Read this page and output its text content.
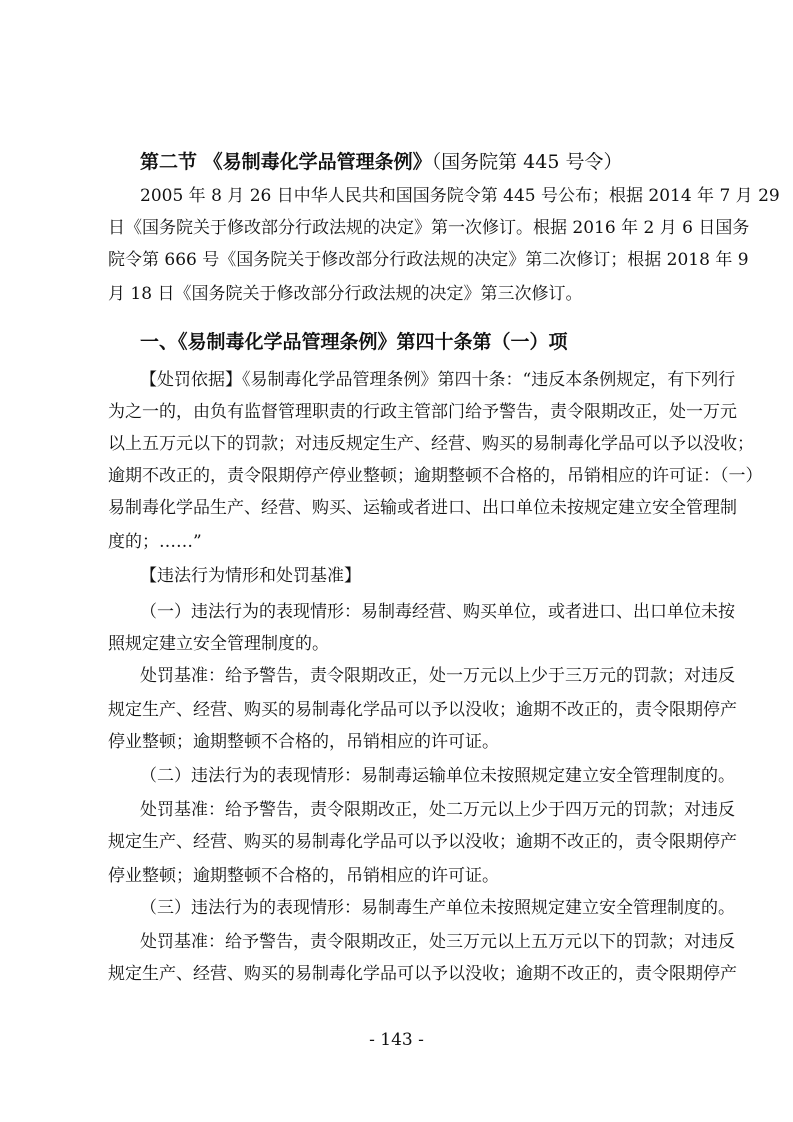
第二节 《易制毒化学品管理条例》（国务院第 445 号令）
2005 年 8 月 26 日中华人民共和国国务院令第 445 号公布；根据 2014 年 7 月 29
日《国务院关于修改部分行政法规的决定》第一次修订。根据 2016 年 2 月 6 日国务
院令第 666 号《国务院关于修改部分行政法规的决定》第二次修订；根据 2018 年 9
月 18 日《国务院关于修改部分行政法规的决定》第三次修订。
一、《易制毒化学品管理条例》第四十条第（一）项
【处罚依据】《易制毒化学品管理条例》第四十条：“违反本条例规定，有下列行
为之一的，由负有监督管理职责的行政主管部门给予警告，责令限期改正，处一万元
以上五万元以下的罚款；对违反规定生产、经营、购买的易制毒化学品可以予以没收；
逾期不改正的，责令限期停产停业整顿；逾期整顿不合格的，吊销相应的许可证：（一）
易制毒化学品生产、经营、购买、运输或者进口、出口单位未按规定建立安全管理制
度的；……”
【违法行为情形和处罚基准】
（一）违法行为的表现情形：易制毒经营、购买单位，或者进口、出口单位未按
照规定建立安全管理制度的。
处罚基准：给予警告，责令限期改正，处一万元以上少于三万元的罚款；对违反
规定生产、经营、购买的易制毒化学品可以予以没收；逾期不改正的，责令限期停产
停业整顿；逾期整顿不合格的，吊销相应的许可证。
（二）违法行为的表现情形：易制毒运输单位未按照规定建立安全管理制度的。
处罚基准：给予警告，责令限期改正，处二万元以上少于四万元的罚款；对违反
规定生产、经营、购买的易制毒化学品可以予以没收；逾期不改正的，责令限期停产
停业整顿；逾期整顿不合格的，吊销相应的许可证。
（三）违法行为的表现情形：易制毒生产单位未按照规定建立安全管理制度的。
处罚基准：给予警告，责令限期改正，处三万元以上五万元以下的罚款；对违反
规定生产、经营、购买的易制毒化学品可以予以没收；逾期不改正的，责令限期停产
- 143 -
